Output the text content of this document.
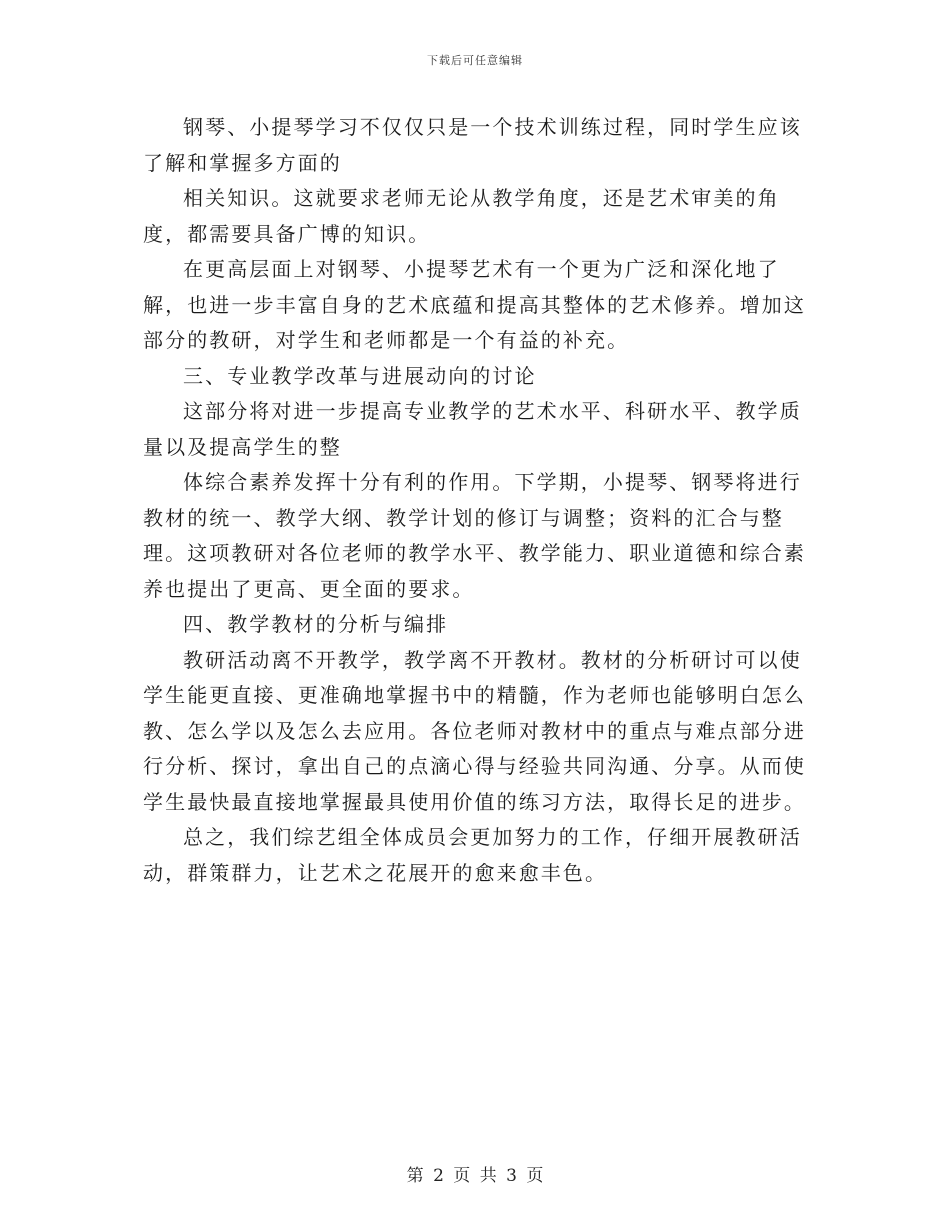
下载后可任意编辑

钢琴、小提琴学习不仅仅只是一个技术训练过程，同时学生应该了解和掌握多方面的

相关知识。这就要求老师无论从教学角度，还是艺术审美的角度，都需要具备广博的知识。

在更高层面上对钢琴、小提琴艺术有一个更为广泛和深化地了解，也进一步丰富自身的艺术底蕴和提高其整体的艺术修养。增加这部分的教研，对学生和老师都是一个有益的补充。

三、专业教学改革与进展动向的讨论

这部分将对进一步提高专业教学的艺术水平、科研水平、教学质量以及提高学生的整

体综合素养发挥十分有利的作用。下学期，小提琴、钢琴将进行教材的统一、教学大纲、教学计划的修订与调整；资料的汇合与整理。这项教研对各位老师的教学水平、教学能力、职业道德和综合素养也提出了更高、更全面的要求。

四、教学教材的分析与编排

教研活动离不开教学，教学离不开教材。教材的分析研讨可以使学生能更直接、更准确地掌握书中的精髓，作为老师也能够明白怎么教、怎么学以及怎么去应用。各位老师对教材中的重点与难点部分进行分析、探讨，拿出自己的点滴心得与经验共同沟通、分享。从而使学生最快最直接地掌握最具使用价值的练习方法，取得长足的进步。

总之，我们综艺组全体成员会更加努力的工作，仔细开展教研活动，群策群力，让艺术之花展开的愈来愈丰色。

第 2 页 共 3 页
